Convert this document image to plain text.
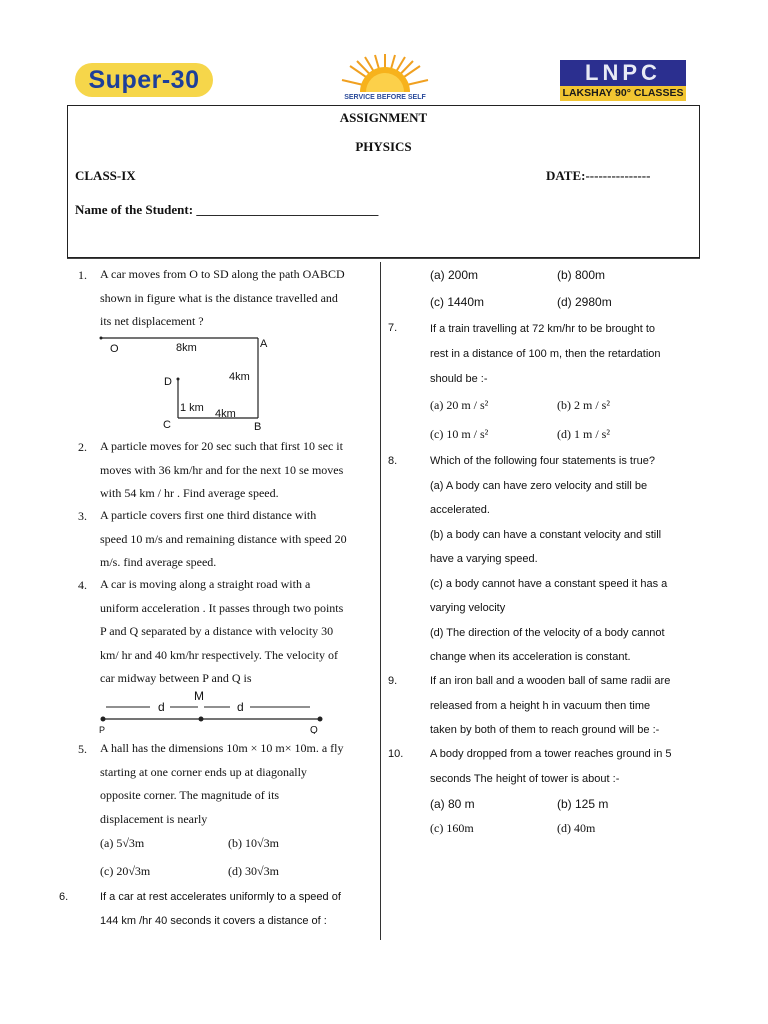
Super-30
SERVICE BEFORE SELF
LNPC
LAKSHAY 90° CLASSES
ASSIGNMENT
PHYSICS
CLASS-IX	DATE:---------------
Name of the Student: ____________________________
1. A car moves from O to SD along the path OABCD
shown in figure what is the distance travelled and
its net displacement ?
O	A
B
C
D
8km
4km
4km
1 km
2. A particle moves for 20 sec such that first 10 sec it
moves with 36 km/hr and for the next 10 se moves
with 54 km / hr . Find average speed.
3. A particle covers first one third distance with
speed 10 m/s and remaining distance with speed 20
m/s. find average speed.
4. A car is moving along a straight road with a
uniform acceleration . It passes through two points
P and Q separated by a distance with velocity 30
km/ hr and 40 km/hr respectively. The velocity of
car midway between P and Q is
d	d
M
P	Q
5. A hall has the dimensions 10m × 10 m× 10m. a fly
starting at one corner ends up at diagonally
opposite corner. The magnitude of its
displacement is nearly
(a) 5√3m	(b) 10√3m
(c) 20√3m	(d) 30√3m
6.	If a car at rest accelerates uniformly to a speed of
144 km /hr 40 seconds it covers a distance of :
(a) 200m	(b) 800m
(c) 1440m	(d) 2980m
7.	If a train travelling at 72 km/hr to be brought to
rest in a distance of 100 m, then the retardation
should be :-
(a) 20 m / s²	(b) 2 m / s²
(c) 10 m / s²	(d) 1 m / s²
8.	Which of the following four statements is true?
(a) A body can have zero velocity and still be
accelerated.
(b) a body can have a constant velocity and still
have a varying speed.
(c) a body cannot have a constant speed it has a
varying velocity
(d) The direction of the velocity of a body cannot
change when its acceleration is constant.
9.	If an iron ball and a wooden ball of same radii are
released from a height h in vacuum then time
taken by both of them to reach ground will be :-
10. A body dropped from a tower reaches ground in 5
seconds The height of tower is about :-
(a) 80 m	(b) 125 m
(c) 160m	(d) 40m
